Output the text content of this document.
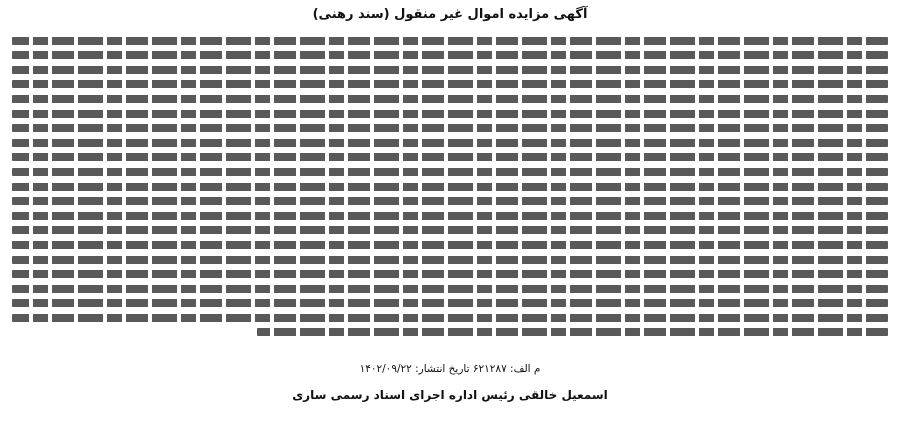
آگهی مزایده اموال غیر منقول (سند رهنی)
م الف: ۶۲۱۲۸۷ تاریخ انتشار: ۱۴۰۲/۰۹/۲۲
اسمعیل خالقی رئیس اداره اجرای اسناد رسمی ساری
